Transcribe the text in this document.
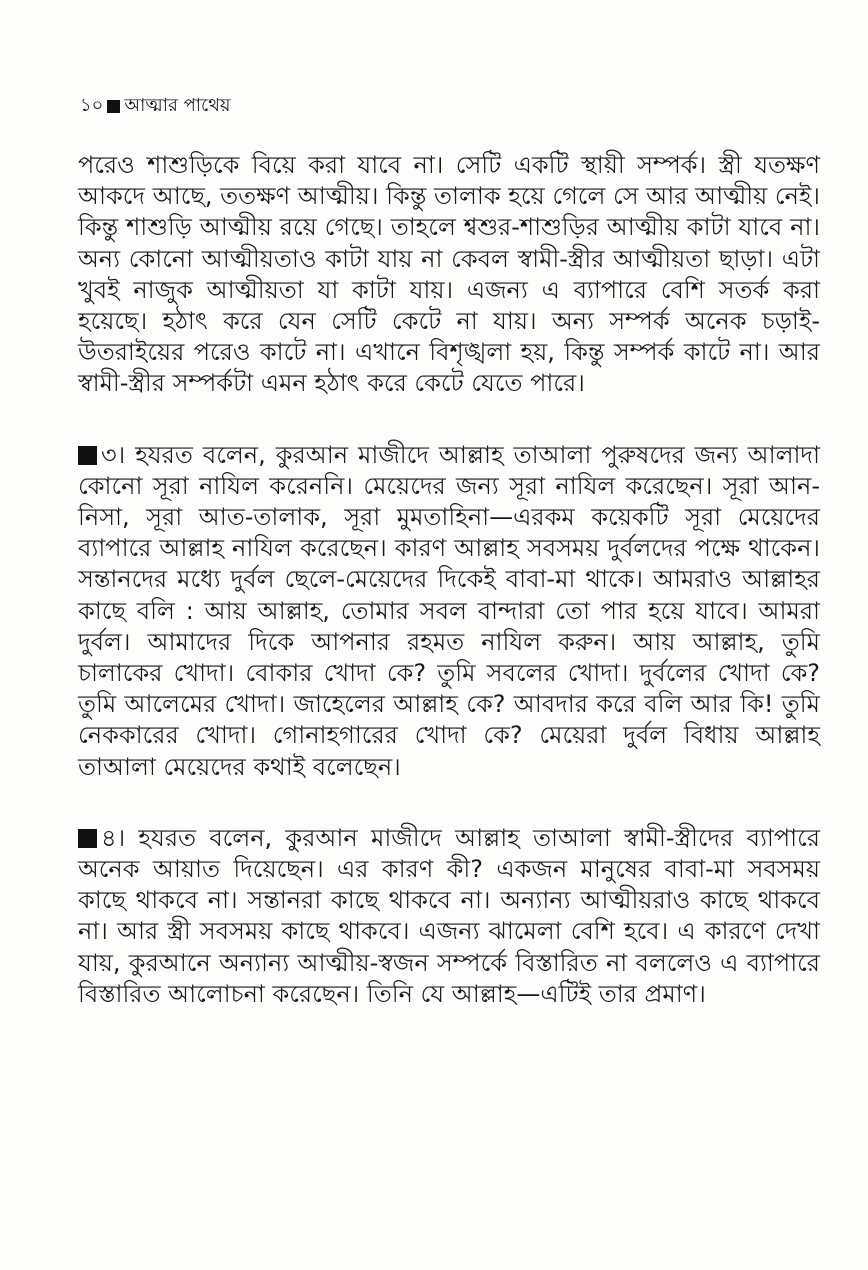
১০ আত্মার পাথেয়

পরেও শাশুড়িকে বিয়ে করা যাবে না। সেটি একটি স্থায়ী সম্পর্ক। স্ত্রী যতক্ষণ আকদে আছে, ততক্ষণ আত্মীয়। কিন্তু তালাক হয়ে গেলে সে আর আত্মীয় নেই। কিন্তু শাশুড়ি আত্মীয় রয়ে গেছে। তাহলে শ্বশুর-শাশুড়ির আত্মীয় কাটা যাবে না। অন্য কোনো আত্মীয়তাও কাটা যায় না কেবল স্বামী-স্ত্রীর আত্মীয়তা ছাড়া। এটা খুবই নাজুক আত্মীয়তা যা কাটা যায়। এজন্য এ ব্যাপারে বেশি সতর্ক করা হয়েছে। হঠাৎ করে যেন সেটি কেটে না যায়। অন্য সম্পর্ক অনেক চড়াই-উতরাইয়ের পরেও কাটে না। এখানে বিশৃঙ্খলা হয়, কিন্তু সম্পর্ক কাটে না। আর স্বামী-স্ত্রীর সম্পর্কটা এমন হঠাৎ করে কেটে যেতে পারে।

৩। হযরত বলেন, কুরআন মাজীদে আল্লাহ তাআলা পুরুষদের জন্য আলাদা কোনো সূরা নাযিল করেননি। মেয়েদের জন্য সূরা নাযিল করেছেন। সূরা আন-নিসা, সূরা আত-তালাক, সূরা মুমতাহিনা—এরকম কয়েকটি সূরা মেয়েদের ব্যাপারে আল্লাহ নাযিল করেছেন। কারণ আল্লাহ সবসময় দুর্বলদের পক্ষে থাকেন। সন্তানদের মধ্যে দুর্বল ছেলে-মেয়েদের দিকেই বাবা-মা থাকে। আমরাও আল্লাহর কাছে বলি : আয় আল্লাহ, তোমার সবল বান্দারা তো পার হয়ে যাবে। আমরা দুর্বল। আমাদের দিকে আপনার রহমত নাযিল করুন। আয় আল্লাহ, তুমি চালাকের খোদা। বোকার খোদা কে? তুমি সবলের খোদা। দুর্বলের খোদা কে? তুমি আলেমের খোদা। জাহেলের আল্লাহ কে? আবদার করে বলি আর কি! তুমি নেককারের খোদা। গোনাহগারের খোদা কে? মেয়েরা দুর্বল বিধায় আল্লাহ তাআলা মেয়েদের কথাই বলেছেন।

৪। হযরত বলেন, কুরআন মাজীদে আল্লাহ তাআলা স্বামী-স্ত্রীদের ব্যাপারে অনেক আয়াত দিয়েছেন। এর কারণ কী? একজন মানুষের বাবা-মা সবসময় কাছে থাকবে না। সন্তানরা কাছে থাকবে না। অন্যান্য আত্মীয়রাও কাছে থাকবে না। আর স্ত্রী সবসময় কাছে থাকবে। এজন্য ঝামেলা বেশি হবে। এ কারণে দেখা যায়, কুরআনে অন্যান্য আত্মীয়-স্বজন সম্পর্কে বিস্তারিত না বললেও এ ব্যাপারে বিস্তারিত আলোচনা করেছেন। তিনি যে আল্লাহ—এটিই তার প্রমাণ।
